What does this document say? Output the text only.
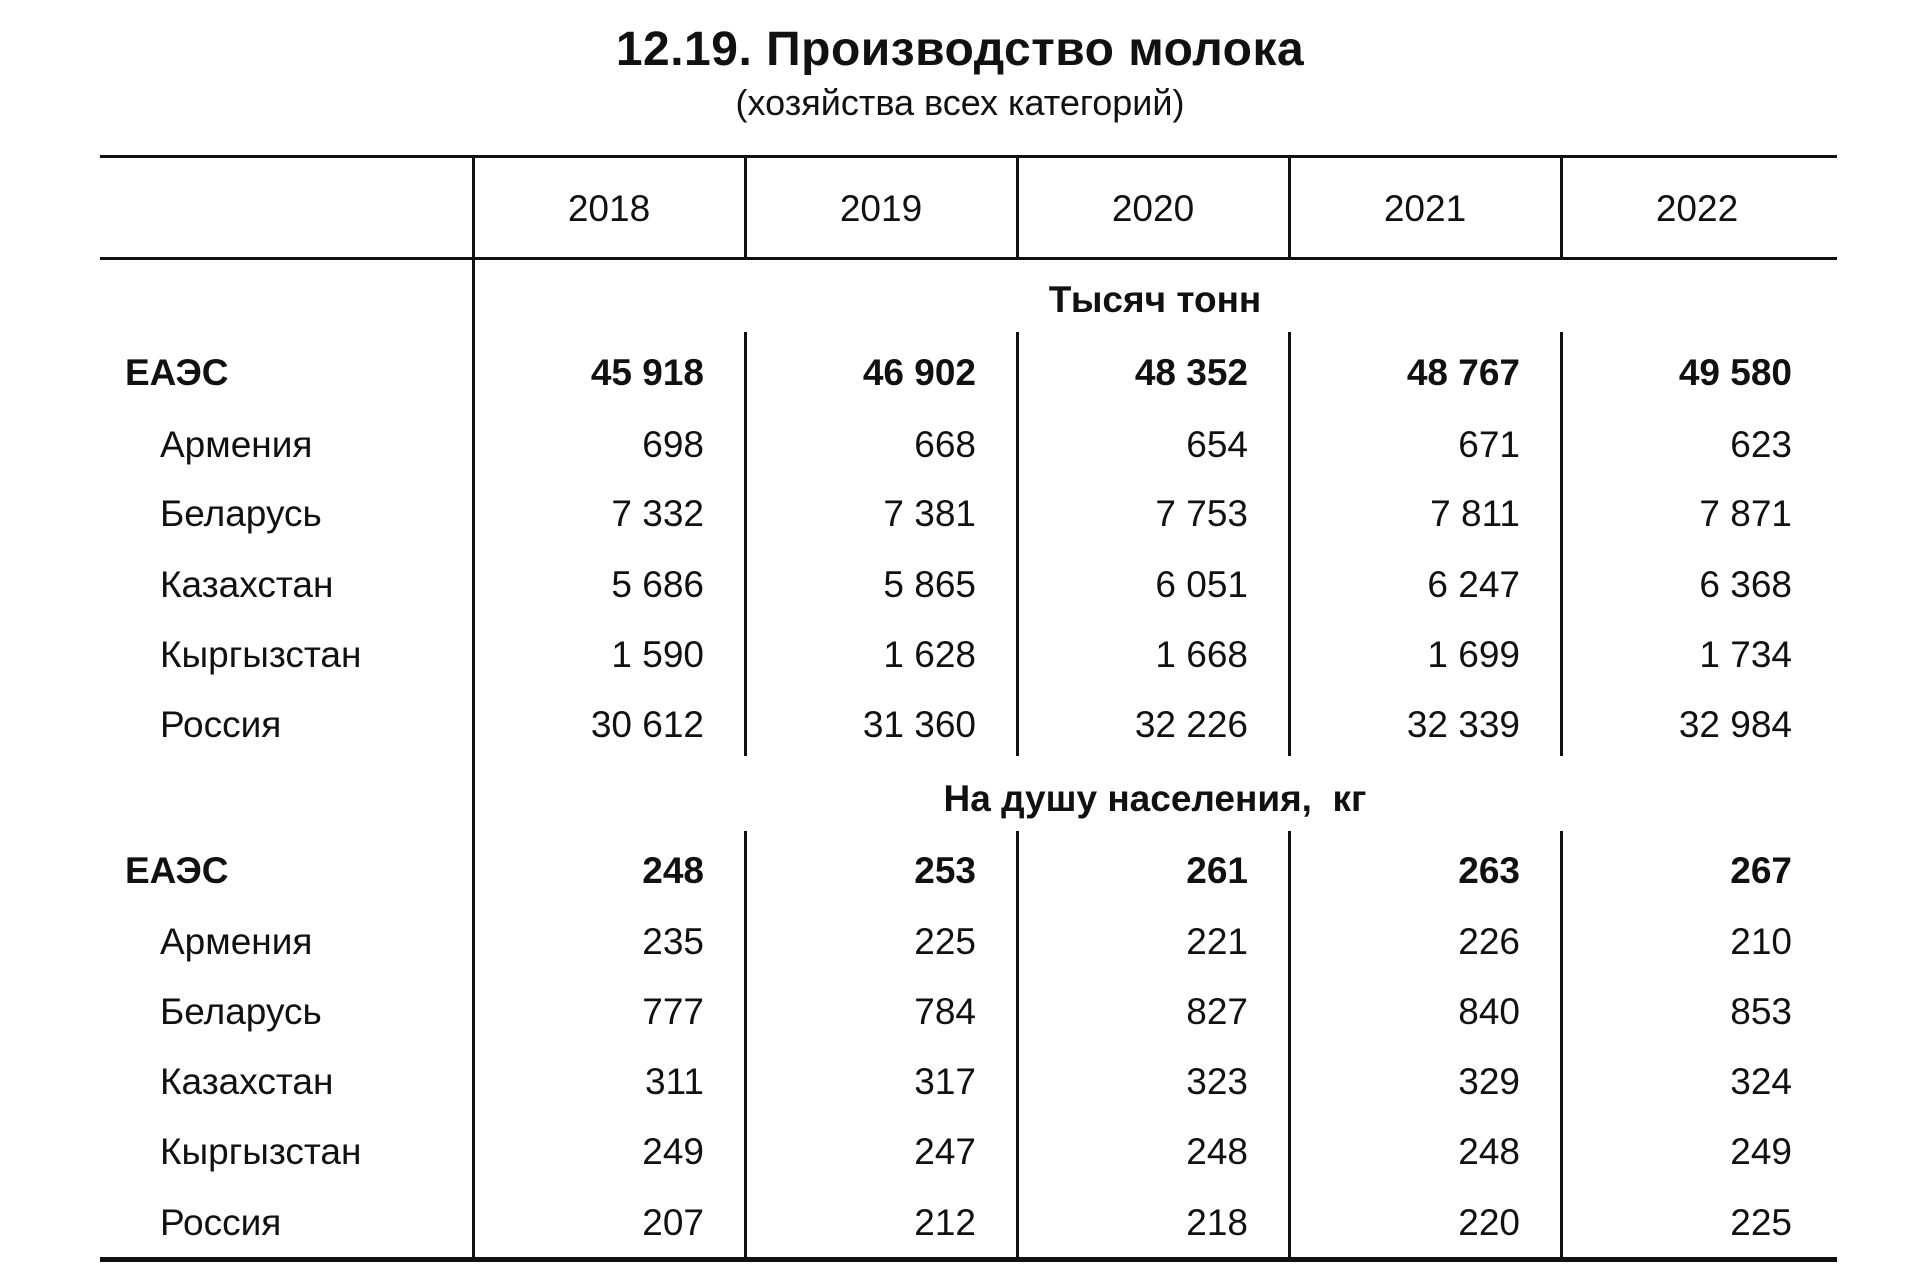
12.19. Производство молока
(хозяйства всех категорий)
2018	2019	2020	2021	2022
Тысяч тонн
ЕАЭС	45 918	46 902	48 352	48 767	49 580
Армения	698	668	654	671	623
Беларусь	7 332	7 381	7 753	7 811	7 871
Казахстан	5 686	5 865	6 051	6 247	6 368
Кыргызстан	1 590	1 628	1 668	1 699	1 734
Россия	30 612	31 360	32 226	32 339	32 984
На душу населения,  кг
ЕАЭС	248	253	261	263	267
Армения	235	225	221	226	210
Беларусь	777	784	827	840	853
Казахстан	311	317	323	329	324
Кыргызстан	249	247	248	248	249
Россия	207	212	218	220	225
